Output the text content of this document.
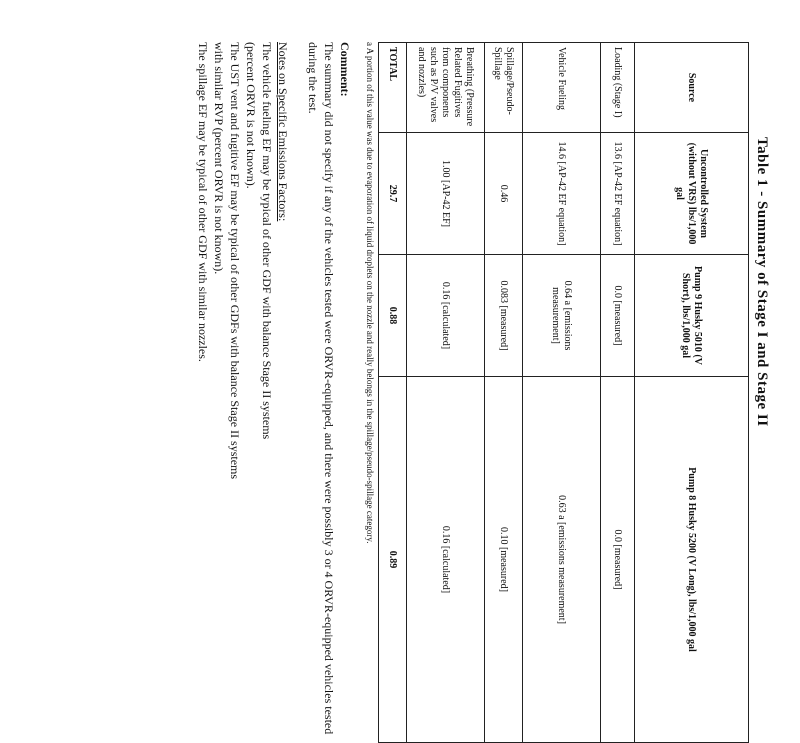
Table 1 - Summary of Stage I and Stage II
Source	Uncontrolled System (without VRS) lbs/1,000 gal	Pump 9 Husky 5010 (V Short), lbs/1,000 gal	Pump 8 Husky 5200 (V Long), lbs/1,000 gal
Loading (Stage I)	13.6 [AP-42 EF equation]	0.0 [measured]	0.0 [measured]
Vehicle Fueling	14.6 [AP-42 EF equation]	0.64 a [emissions measurement]	0.63 a [emissions measurement]
Spillage/Pseudo-Spillage	0.46	0.083 [measured]	0.10 [measured]
Breathing (Pressure Related Fugitives from components such as P/V valves and nozzles)	1.00 [AP-42 EF]	0.16 [calculated]	0.16 [calculated]
TOTAL	29.7	0.88	0.89
a A portion of this value was due to evaporation of liquid droplets on the nozzle and really belongs in the spillage/pseudo-spillage category.
Comment:

The summary did not specify if any of the vehicles tested were ORVR-equipped, and there were possibly 3 or 4 ORVR-equipped vehicles tested during the test.

Notes on Specific Emissions Factors:

The vehicle fueling EF may be typical of other GDF with balance Stage II systems

(percent ORVR is not known).

The UST vent and fugitive EF may be typical of other GDFs with balance Stage II systems

with similar RVP (percent ORVR is not known).

The spillage EF may be typical of other GDF with similar nozzles.
